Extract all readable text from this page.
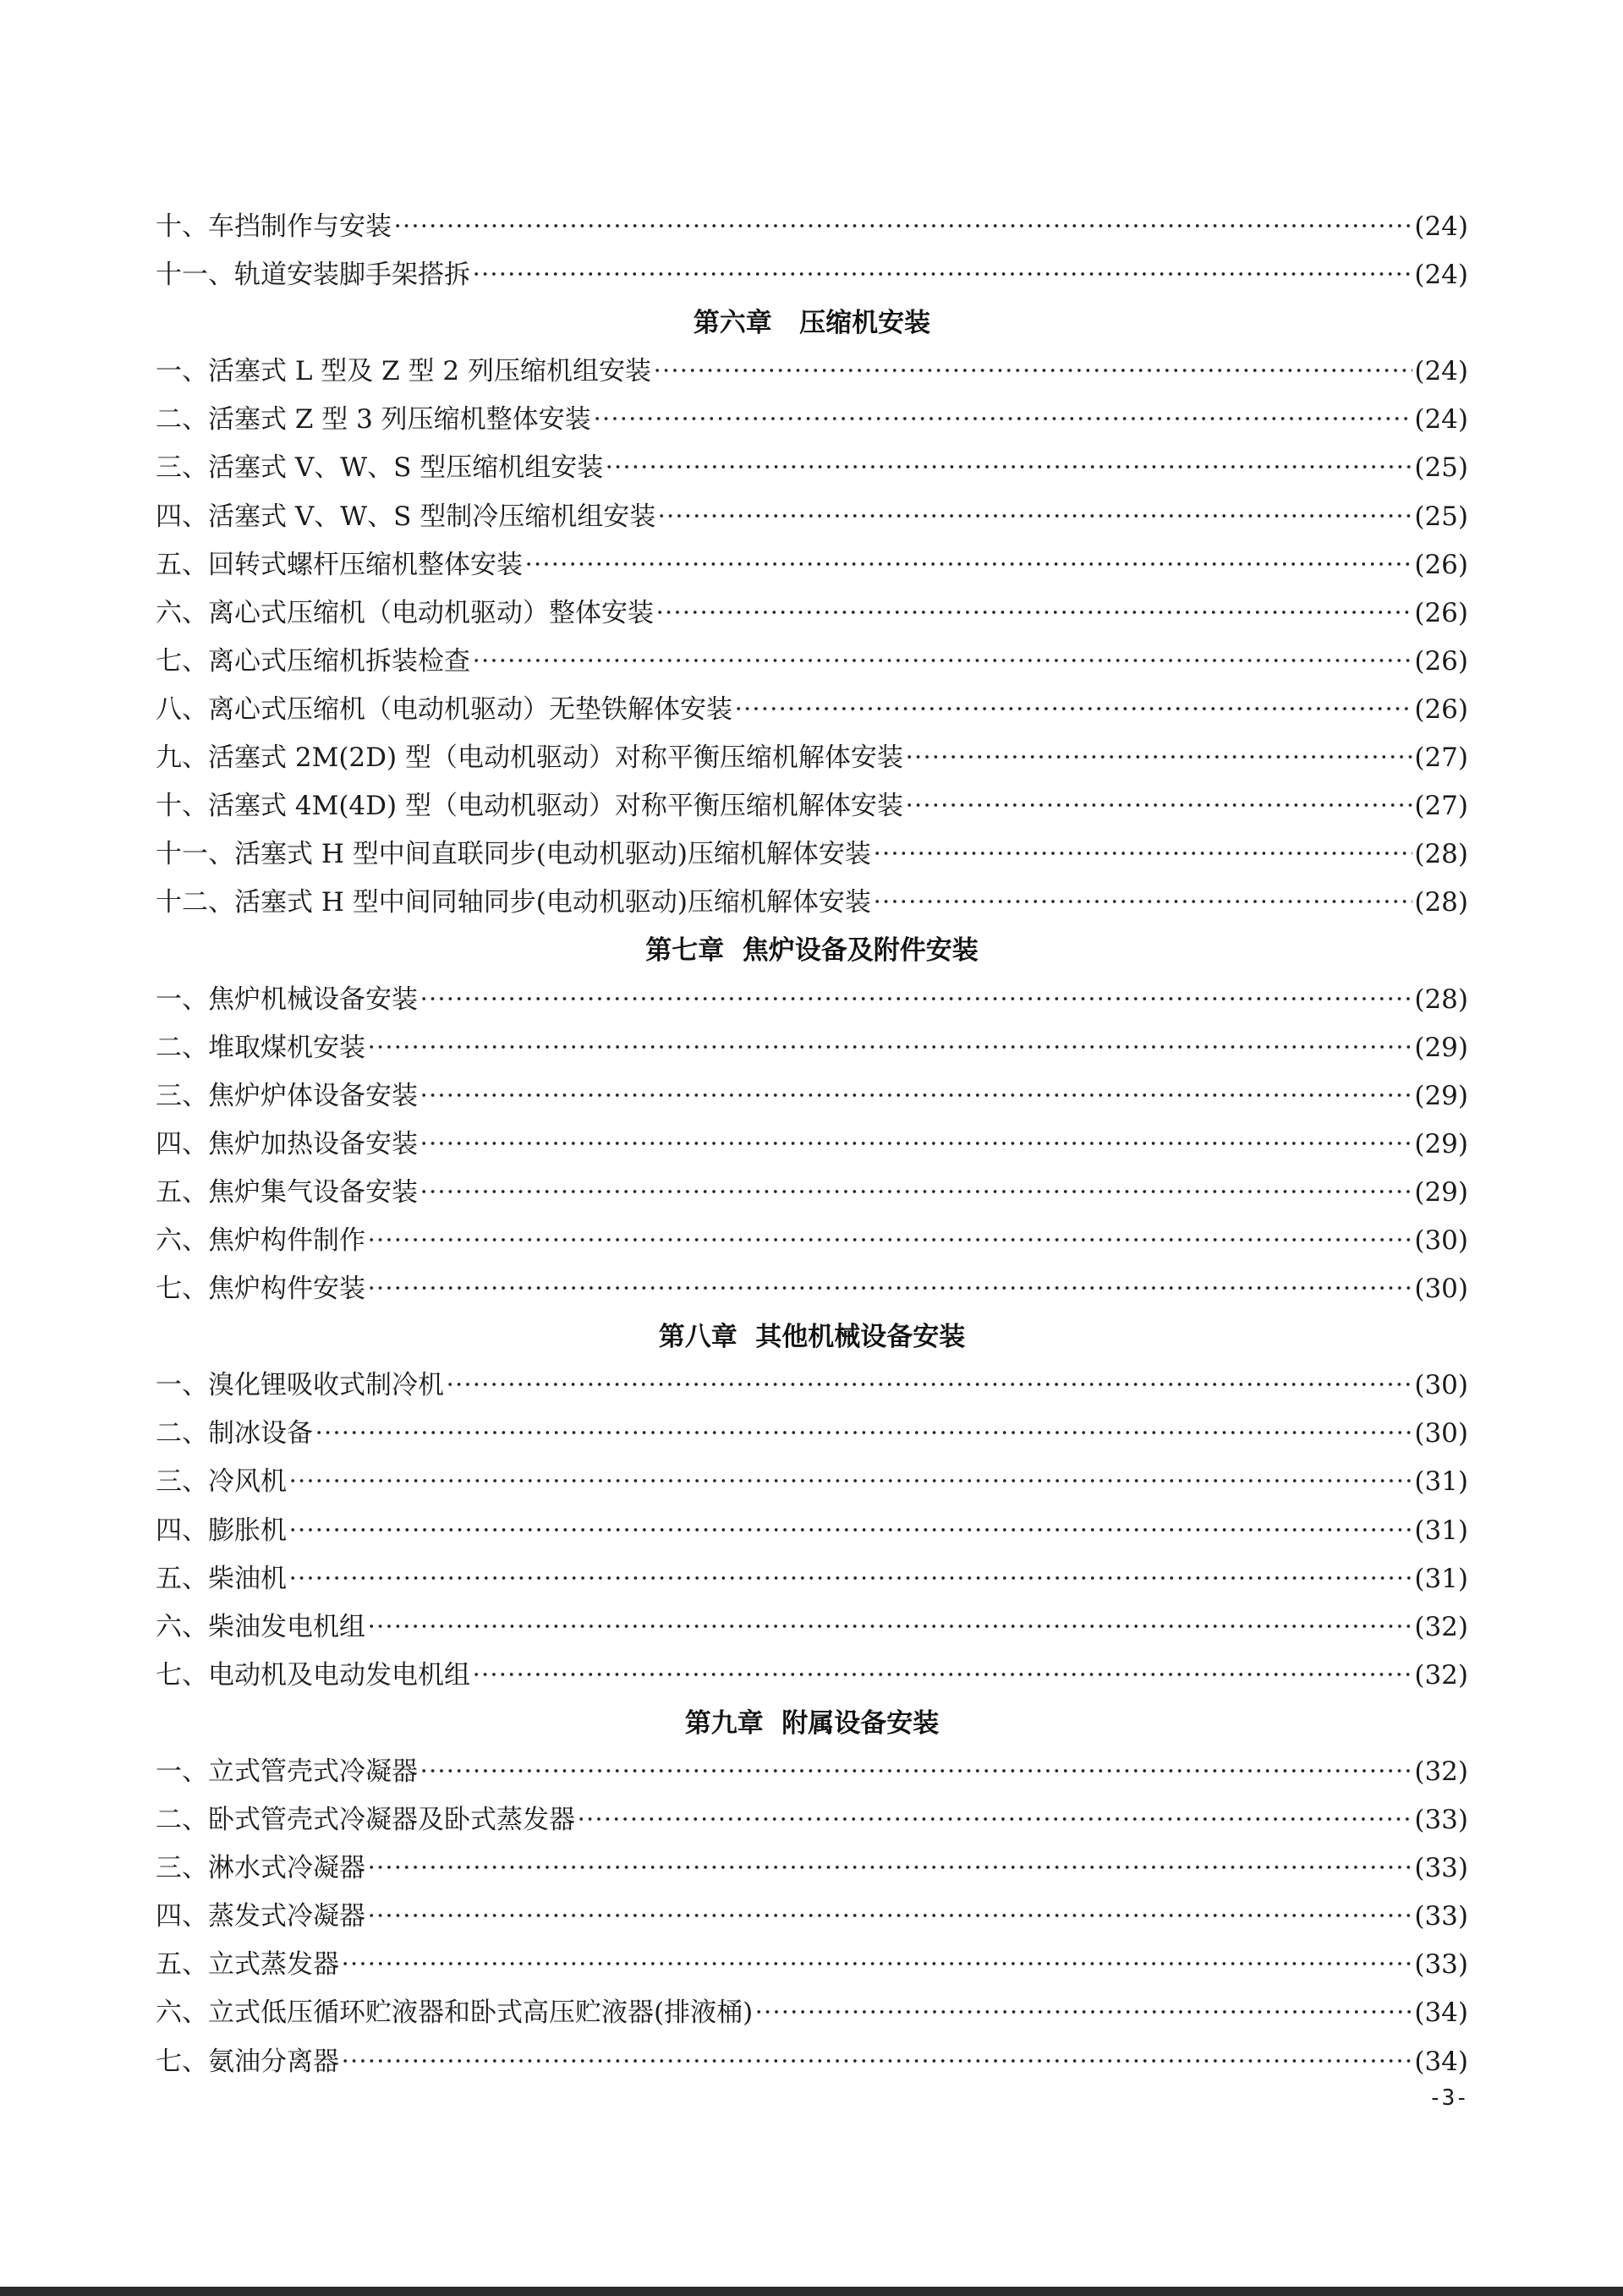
十、车挡制作与安装	(24)
十一、轨道安装脚手架搭拆	(24)
第六章   压缩机安装
一、活塞式 L 型及 Z 型 2 列压缩机组安装	(24)
二、活塞式 Z 型 3 列压缩机整体安装	(24)
三、活塞式 V、W、S 型压缩机组安装	(25)
四、活塞式 V、W、S 型制冷压缩机组安装	(25)
五、回转式螺杆压缩机整体安装	(26)
六、离心式压缩机（电动机驱动）整体安装	(26)
七、离心式压缩机拆装检查	(26)
八、离心式压缩机（电动机驱动）无垫铁解体安装	(26)
九、活塞式 2M(2D) 型（电动机驱动）对称平衡压缩机解体安装	(27)
十、活塞式 4M(4D) 型（电动机驱动）对称平衡压缩机解体安装	(27)
十一、活塞式 H 型中间直联同步(电动机驱动)压缩机解体安装	(28)
十二、活塞式 H 型中间同轴同步(电动机驱动)压缩机解体安装	(28)
第七章  焦炉设备及附件安装
一、焦炉机械设备安装	(28)
二、堆取煤机安装	(29)
三、焦炉炉体设备安装	(29)
四、焦炉加热设备安装	(29)
五、焦炉集气设备安装	(29)
六、焦炉构件制作	(30)
七、焦炉构件安装	(30)
第八章  其他机械设备安装
一、溴化锂吸收式制冷机	(30)
二、制冰设备	(30)
三、冷风机	(31)
四、膨胀机	(31)
五、柴油机	(31)
六、柴油发电机组	(32)
七、电动机及电动发电机组	(32)
第九章  附属设备安装
一、立式管壳式冷凝器	(32)
二、卧式管壳式冷凝器及卧式蒸发器	(33)
三、淋水式冷凝器	(33)
四、蒸发式冷凝器	(33)
五、立式蒸发器	(33)
六、立式低压循环贮液器和卧式高压贮液器(排液桶)	(34)
七、氨油分离器	(34)
-3-
